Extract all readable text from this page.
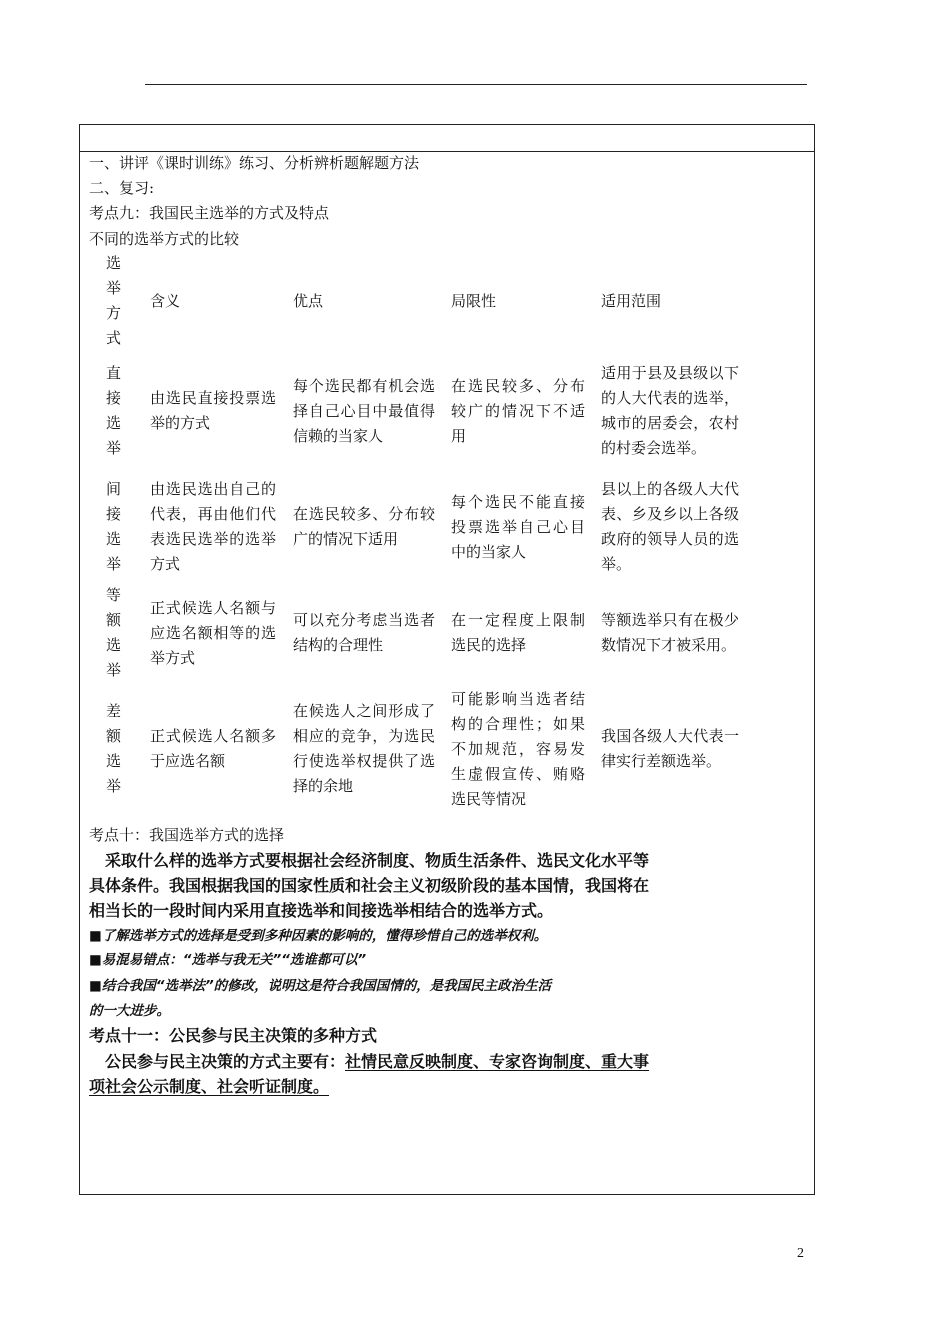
一、讲评《课时训练》练习、分析辨析题解题方法
二、复习:
考点九：我国民主选举的方式及特点
不同的选举方式的比较
选举方式	含义	优点	局限性	适用范围

直接选举	由选民直接投票选举的方式	每个选民都有机会选择自己心目中最值得信赖的当家人	在选民较多、分布较广的情况下不适用	适用于县及县级以下的人大代表的选举，城市的居委会，农村的村委会选举。

间接选举	由选民选出自己的代表，再由他们代表选民选举的选举方式	在选民较多、分布较广的情况下适用	每个选民不能直接投票选举自己心目中的当家人	县以上的各级人大代表、乡及乡以上各级政府的领导人员的选举。

等额选举	正式候选人名额与应选名额相等的选举方式	可以充分考虑当选者结构的合理性	在一定程度上限制选民的选择	等额选举只有在极少数情况下才被采用。

差额选举	正式候选人名额多于应选名额	在候选人之间形成了相应的竞争，为选民行使选举权提供了选择的余地	可能影响当选者结构的合理性；如果不加规范，容易发生虚假宣传、贿赂选民等情况	我国各级人大代表一律实行差额选举。
考点十：我国选举方式的选择
采取什么样的选举方式要根据社会经济制度、物质生活条件、选民文化水平等
具体条件。我国根据我国的国家性质和社会主义初级阶段的基本国情，我国将在
相当长的一段时间内采用直接选举和间接选举相结合的选举方式。
■了解选举方式的选择是受到多种因素的影响的，懂得珍惜自己的选举权利。
■易混易错点：“选举与我无关”“选谁都可以”
■结合我国“选举法”的修改，说明这是符合我国国情的，是我国民主政治生活
的一大进步。
考点十一：公民参与民主决策的多种方式
公民参与民主决策的方式主要有：社情民意反映制度、专家咨询制度、重大事
项社会公示制度、社会听证制度。
2
